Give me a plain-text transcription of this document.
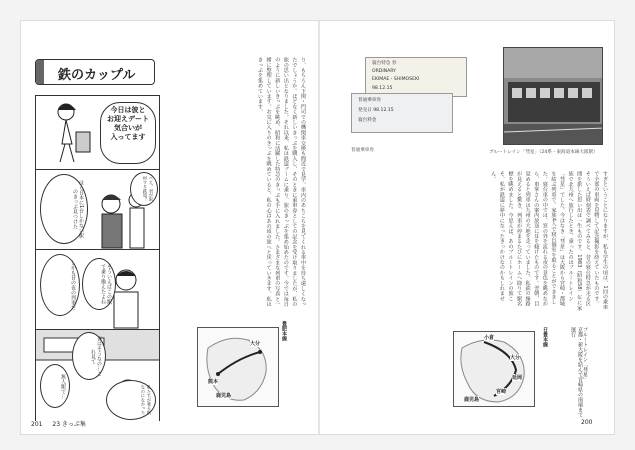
鉄のカップル
今日は彼と
お迎えデート
気合いが
入ってます
ほら日本に1台しかない駅のきっぷ見つけた
へえ、君が取材する鉄道？
しかも昔の夜の列車だ	そういえばこの駅で乗り換えたよね
無人駅で…
夜はそうなの…これ見て
私たちが乗る駅なのになかった
り、もちろん下関・門司での機関車交換も間近で見学。車内のあちこちを見てくれる車中を待ち遠しくなったでしょうか。ほどなく新しいきっぷを購入し、そのときに乗車券としての記念を受け取りましたが、私の旅の思い出となりました。それ以来、私は鉄道ブームに乗り、旅のきっぷを集め始めたのです。今では毎日のように新しいきっぷを眺め、昭和に活躍した特急のきっぷも手に入れました。さまざまな列車の写真と一緒に整理しています。お気に入りのきっぷを眺めていると、私の心はあの頃の旅へと戻っていきます。私はきっぷを集めています。
豊肥本線
大分
熊本
鹿児島
201 23 きっぷ集
寝台特急 券
ORDINARY
EKIMAE・SHIMOSEKI
98.12.15
普通乗車券
発売日 98.12.15
寝台料金
普通乗車券	ブルートレイン「彗星」（24系・東海道本線大阪駅）
すぎということになりますが、私も学生の頃は、1回の乗車で全部の車両を見物して記念撮影を終えていたものです。そういえば時刻表で調べてみると、昔の寝台特急が走る区間を旅した思い出は一生ものです。1983（昭和58）年に家族で北九州へ旅行したとき、乗ったのはブルートレイン「彗星」でした。今はなき「彗星」は大阪から宮崎・都城を結ぶ列車で、家族4人で寝台個室を取ることができました。寝台車の中では、窓の外を流れる夜の景色を眺めながら、車掌さんの案内放送に耳を傾けたものです。翌朝、目覚めると列車は九州の大地を走っていました。私鉄の線路が見えると驚き、列車が停まるたびにホームへ降りて駅名標を眺めました。今思えば、あのブルートレインの旅こそ、私が鉄道に夢中になったきっかけなのかもしれません。
ブルートレイン「彗星」
京都・新大阪を結んで宮崎県の南端まで運行
日豊本線
小倉
大分
延岡
宮崎
鹿児島
200
